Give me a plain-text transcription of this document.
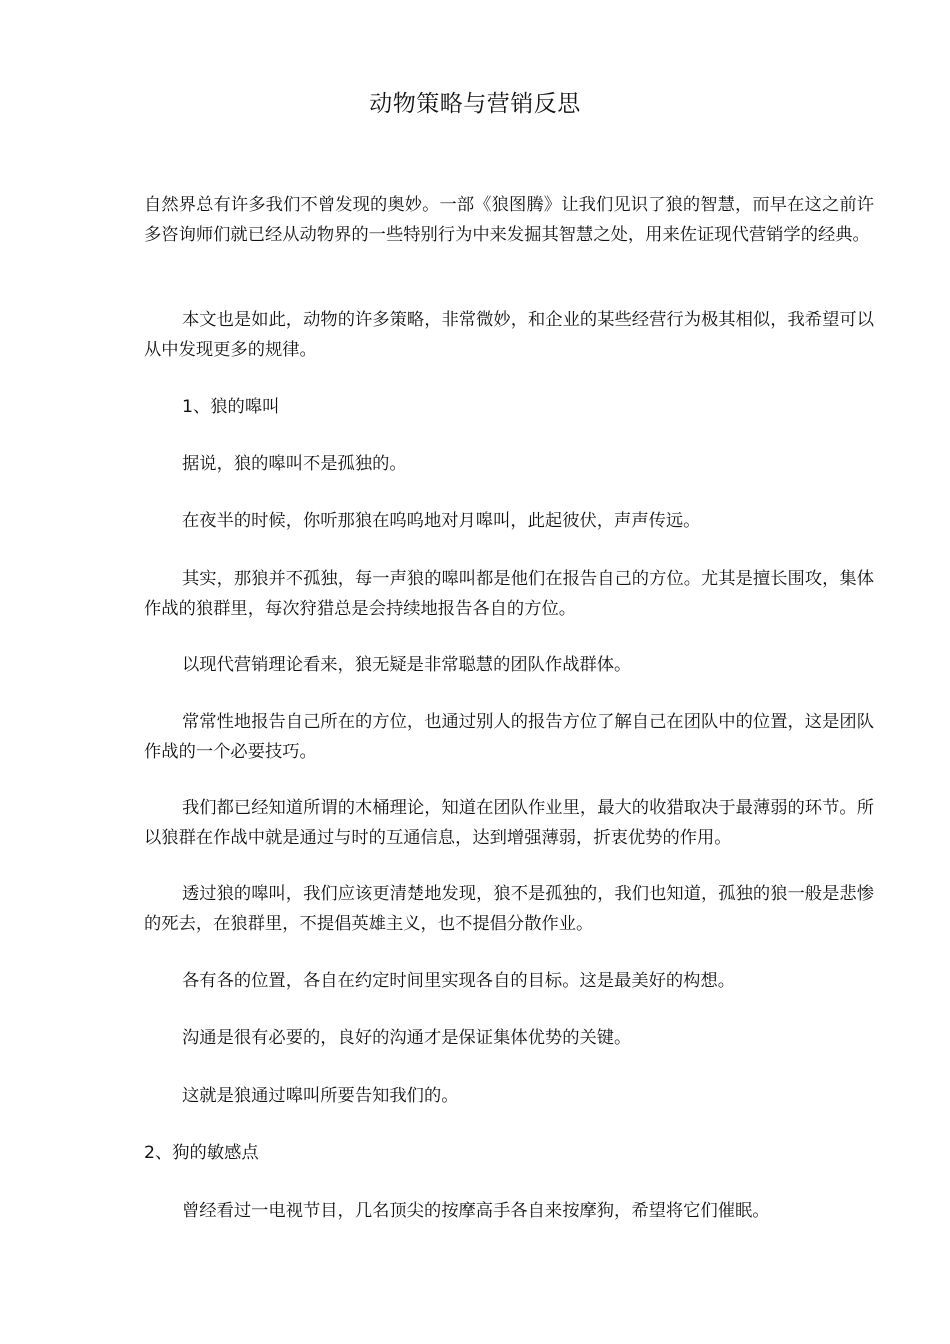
动物策略与营销反思

自然界总有许多我们不曾发现的奥妙。一部《狼图腾》让我们见识了狼的智慧，而早在这之前许多咨询师们就已经从动物界的一些特别行为中来发掘其智慧之处，用来佐证现代营销学的经典。

本文也是如此，动物的许多策略，非常微妙，和企业的某些经营行为极其相似，我希望可以从中发现更多的规律。

1、狼的嗥叫

据说，狼的嗥叫不是孤独的。

在夜半的时候，你听那狼在呜呜地对月嗥叫，此起彼伏，声声传远。

其实，那狼并不孤独，每一声狼的嗥叫都是他们在报告自己的方位。尤其是擅长围攻，集体作战的狼群里，每次狩猎总是会持续地报告各自的方位。

以现代营销理论看来，狼无疑是非常聪慧的团队作战群体。

常常性地报告自己所在的方位，也通过别人的报告方位了解自己在团队中的位置，这是团队作战的一个必要技巧。

我们都已经知道所谓的木桶理论，知道在团队作业里，最大的收猎取决于最薄弱的环节。所以狼群在作战中就是通过与时的互通信息，达到增强薄弱，折衷优势的作用。

透过狼的嗥叫，我们应该更清楚地发现，狼不是孤独的，我们也知道，孤独的狼一般是悲惨的死去，在狼群里，不提倡英雄主义，也不提倡分散作业。

各有各的位置，各自在约定时间里实现各自的目标。这是最美好的构想。

沟通是很有必要的，良好的沟通才是保证集体优势的关键。

这就是狼通过嗥叫所要告知我们的。

2、狗的敏感点

曾经看过一电视节目，几名顶尖的按摩高手各自来按摩狗，希望将它们催眠。
